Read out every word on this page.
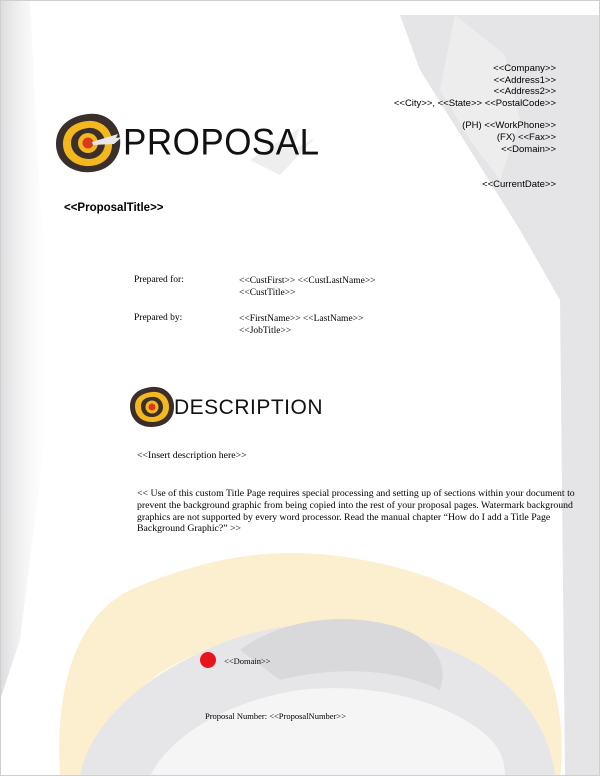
<<Company>>
<<Address1>>
<<Address2>>
<<City>>, <<State>> <<PostalCode>>
(PH) <<WorkPhone>>
(FX) <<Fax>>
<<Domain>>
<<CurrentDate>>
PROPOSAL
<<ProposalTitle>>
Prepared for:	<<CustFirst>> <<CustLastName>>
<<CustTitle>>
Prepared by:	<<FirstName>> <<LastName>>
<<JobTitle>>
DESCRIPTION
<<Insert description here>>
<< Use of this custom Title Page requires special processing and setting up of sections within your document to prevent the background graphic from being copied into the rest of your proposal pages. Watermark background graphics are not supported by every word processor. Read the manual chapter “How do I add a Title Page Background Graphic?” >>
<<Domain>>
Proposal Number: <<ProposalNumber>>
